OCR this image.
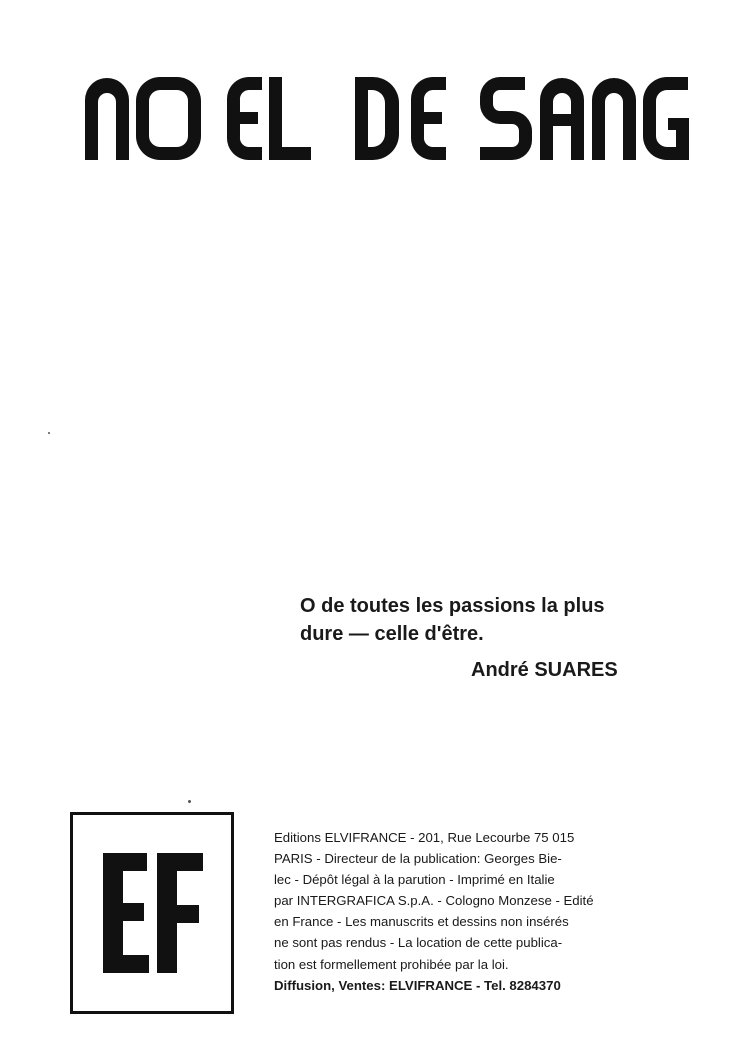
O de toutes les passions la plus
dure — celle d'être.
André SUARES
Editions ELVIFRANCE - 201, Rue Lecourbe 75 015
PARIS - Directeur de la publication: Georges Bie-
lec - Dépôt légal à la parution - Imprimé en Italie
par INTERGRAFICA S.p.A. - Cologno Monzese - Edité
en France - Les manuscrits et dessins non insérés
ne sont pas rendus - La location de cette publica-
tion est formellement prohibée par la loi.
Diffusion, Ventes: ELVIFRANCE - Tel. 8284370
